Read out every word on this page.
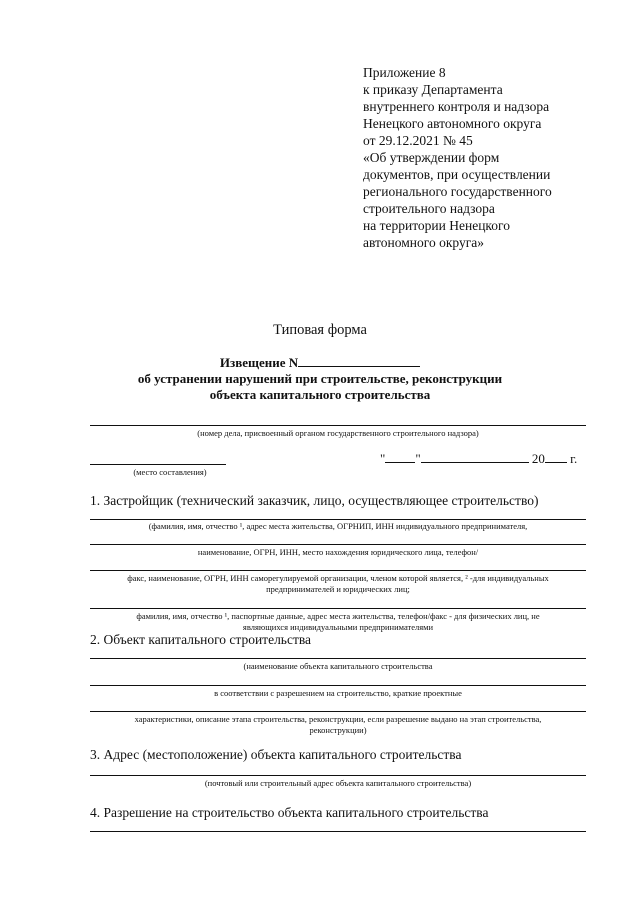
Приложение 8
к приказу Департамента
внутреннего контроля и надзора
Ненецкого автономного округа
от 29.12.2021 № 45
«Об утверждении форм
документов, при осуществлении
регионального государственного
строительного надзора
на территории Ненецкого
автономного округа»
Типовая форма
Извещение N
об устранении нарушений при строительстве, реконструкции
объекта капитального строительства
(номер дела, присвоенный органом государственного строительного надзора)
(место составления)
" "	20 г.
1. Застройщик (технический заказчик, лицо, осуществляющее строительство)
(фамилия, имя, отчество ¹, адрес места жительства, ОГРНИП, ИНН индивидуального предпринимателя,
наименование, ОГРН, ИНН, место нахождения юридического лица, телефон/
факс, наименование, ОГРН, ИНН саморегулируемой организации, членом которой является, ² -для индивидуальных
предпринимателей и юридических лиц;
фамилия, имя, отчество ¹, паспортные данные, адрес места жительства, телефон/факс - для физических лиц, не
являющихся индивидуальными предпринимателями
2. Объект капитального строительства
(наименование объекта капитального строительства
в соответствии с разрешением на строительство, краткие проектные
характеристики, описание этапа строительства, реконструкции, если разрешение выдано на этап строительства,
реконструкции)
3. Адрес (местоположение) объекта капитального строительства
(почтовый или строительный адрес объекта капитального строительства)
4. Разрешение на строительство объекта капитального строительства
